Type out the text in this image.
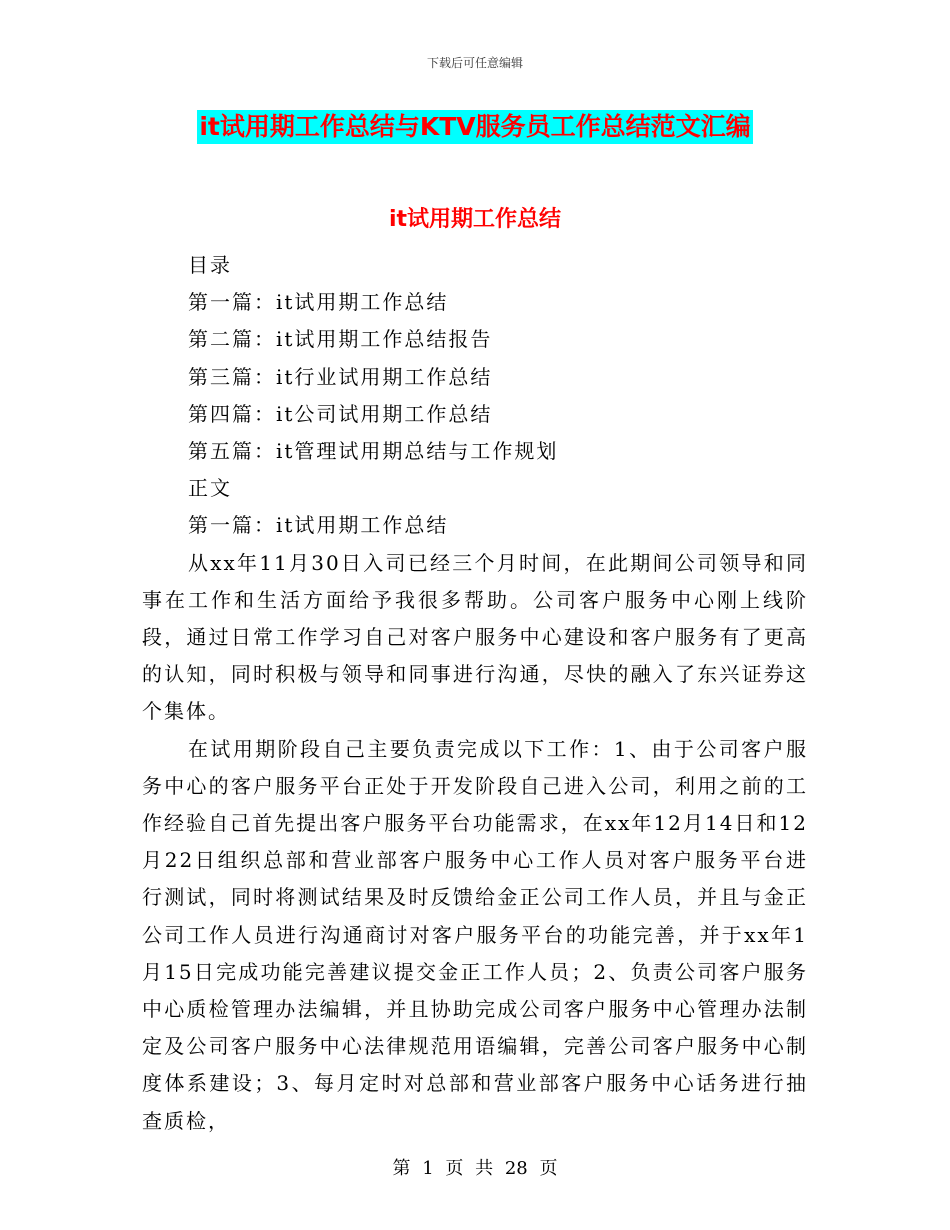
下载后可任意编辑
it试用期工作总结与KTV服务员工作总结范文汇编
it试用期工作总结

目录

第一篇：it试用期工作总结

第二篇：it试用期工作总结报告

第三篇：it行业试用期工作总结

第四篇：it公司试用期工作总结

第五篇：it管理试用期总结与工作规划

正文

第一篇：it试用期工作总结

从xx年11月30日入司已经三个月时间，在此期间公司领导和同事在工作和生活方面给予我很多帮助。公司客户服务中心刚上线阶段，通过日常工作学习自己对客户服务中心建设和客户服务有了更高的认知，同时积极与领导和同事进行沟通，尽快的融入了东兴证券这个集体。

在试用期阶段自己主要负责完成以下工作：1、由于公司客户服务中心的客户服务平台正处于开发阶段自己进入公司，利用之前的工作经验自己首先提出客户服务平台功能需求，在xx年12月14日和12月22日组织总部和营业部客户服务中心工作人员对客户服务平台进行测试，同时将测试结果及时反馈给金正公司工作人员，并且与金正公司工作人员进行沟通商讨对客户服务平台的功能完善，并于xx年1月15日完成功能完善建议提交金正工作人员；2、负责公司客户服务中心质检管理办法编辑，并且协助完成公司客户服务中心管理办法制定及公司客户服务中心法律规范用语编辑，完善公司客户服务中心制度体系建设；3、每月定时对总部和营业部客户服务中心话务进行抽查质检，

第 1 页 共 28 页
